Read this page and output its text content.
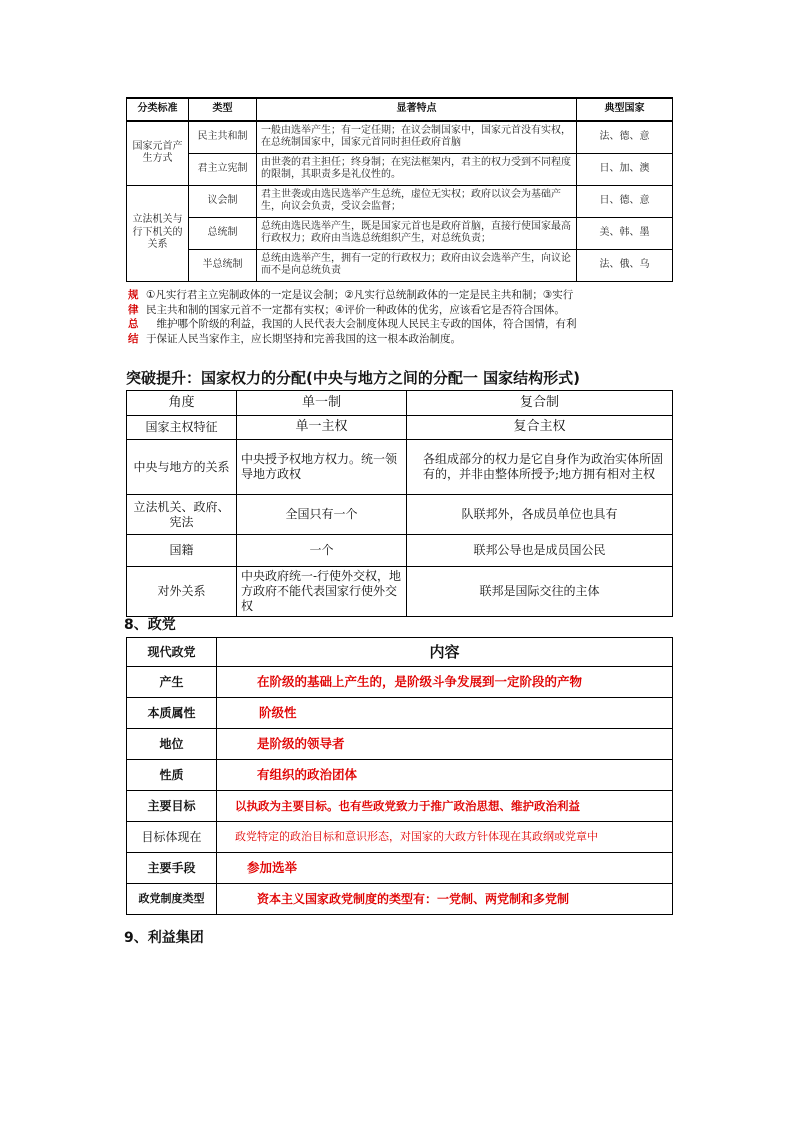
分类标准	类型	显著特点	典型国家
国家元首产生方式	民主共和制	一般由选举产生；有一定任期；在议会制国家中，国家元首没有实权，在总统制国家中，国家元首同时担任政府首脑	法、德、意
	君主立宪制	由世袭的君主担任；终身制；在宪法框架内，君主的权力受到不同程度的限制，其职责多是礼仪性的。	日、加、澳
立法机关与行下机关的关系	议会制	君主世袭或由选民选举产生总统，虚位无实权；政府以议会为基础产生，向议会负责，受议会监督；	日、德、意
	总统制	总统由选民选举产生，既是国家元首也是政府首脑，直接行使国家最高行政权力；政府由当选总统组织产生，对总统负责；	美、韩、墨
	半总统制	总统由选举产生，拥有一定的行政权力；政府由议会选举产生，向议论而不是向总统负责	法、俄、乌
规 ①凡实行君主立宪制政体的一定是议会制；②凡实行总统制政体的一定是民主共和制；③实行
律 民主共和制的国家元首不一定都有实权；④评价一种政体的优劣，应该看它是否符合国体。
总　维护哪个阶级的利益，我国的人民代表大会制度体现人民民主专政的国体，符合国情，有利
结 于保证人民当家作主，应长期坚持和完善我国的这一根本政治制度。
突破提升：国家权力的分配(中央与地方之间的分配一 国家结构形式)
角度	单一制	复合制
国家主权特征	单一主权	复合主权
中央与地方的关系	中央授予权地方权力。统一领导地方政权	各组成部分的权力是它自身作为政治实体所固有的，并非由整体所授予;地方拥有相对主权
立法机关、政府、宪法	全国只有一个	队联邦外，各成员单位也具有
国籍	一个	联邦公导也是成员国公民
对外关系	中央政府统一-行使外交权，地方政府不能代表国家行使外交权	联邦是国际交往的主体
8、政党
现代政党	内容
产生	在阶级的基础上产生的，是阶级斗争发展到一定阶段的产物
本质属性	阶级性
地位	是阶级的领导者
性质	有组织的政治团体
主要目标	以执政为主要目标。也有些政党致力于推广政治思想、维护政治利益
目标体现在	政党特定的政治目标和意识形态，对国家的大政方针体现在其政纲或党章中
主要手段	参加选举
政党制度类型	资本主义国家政党制度的类型有：一党制、两党制和多党制
9、利益集团
